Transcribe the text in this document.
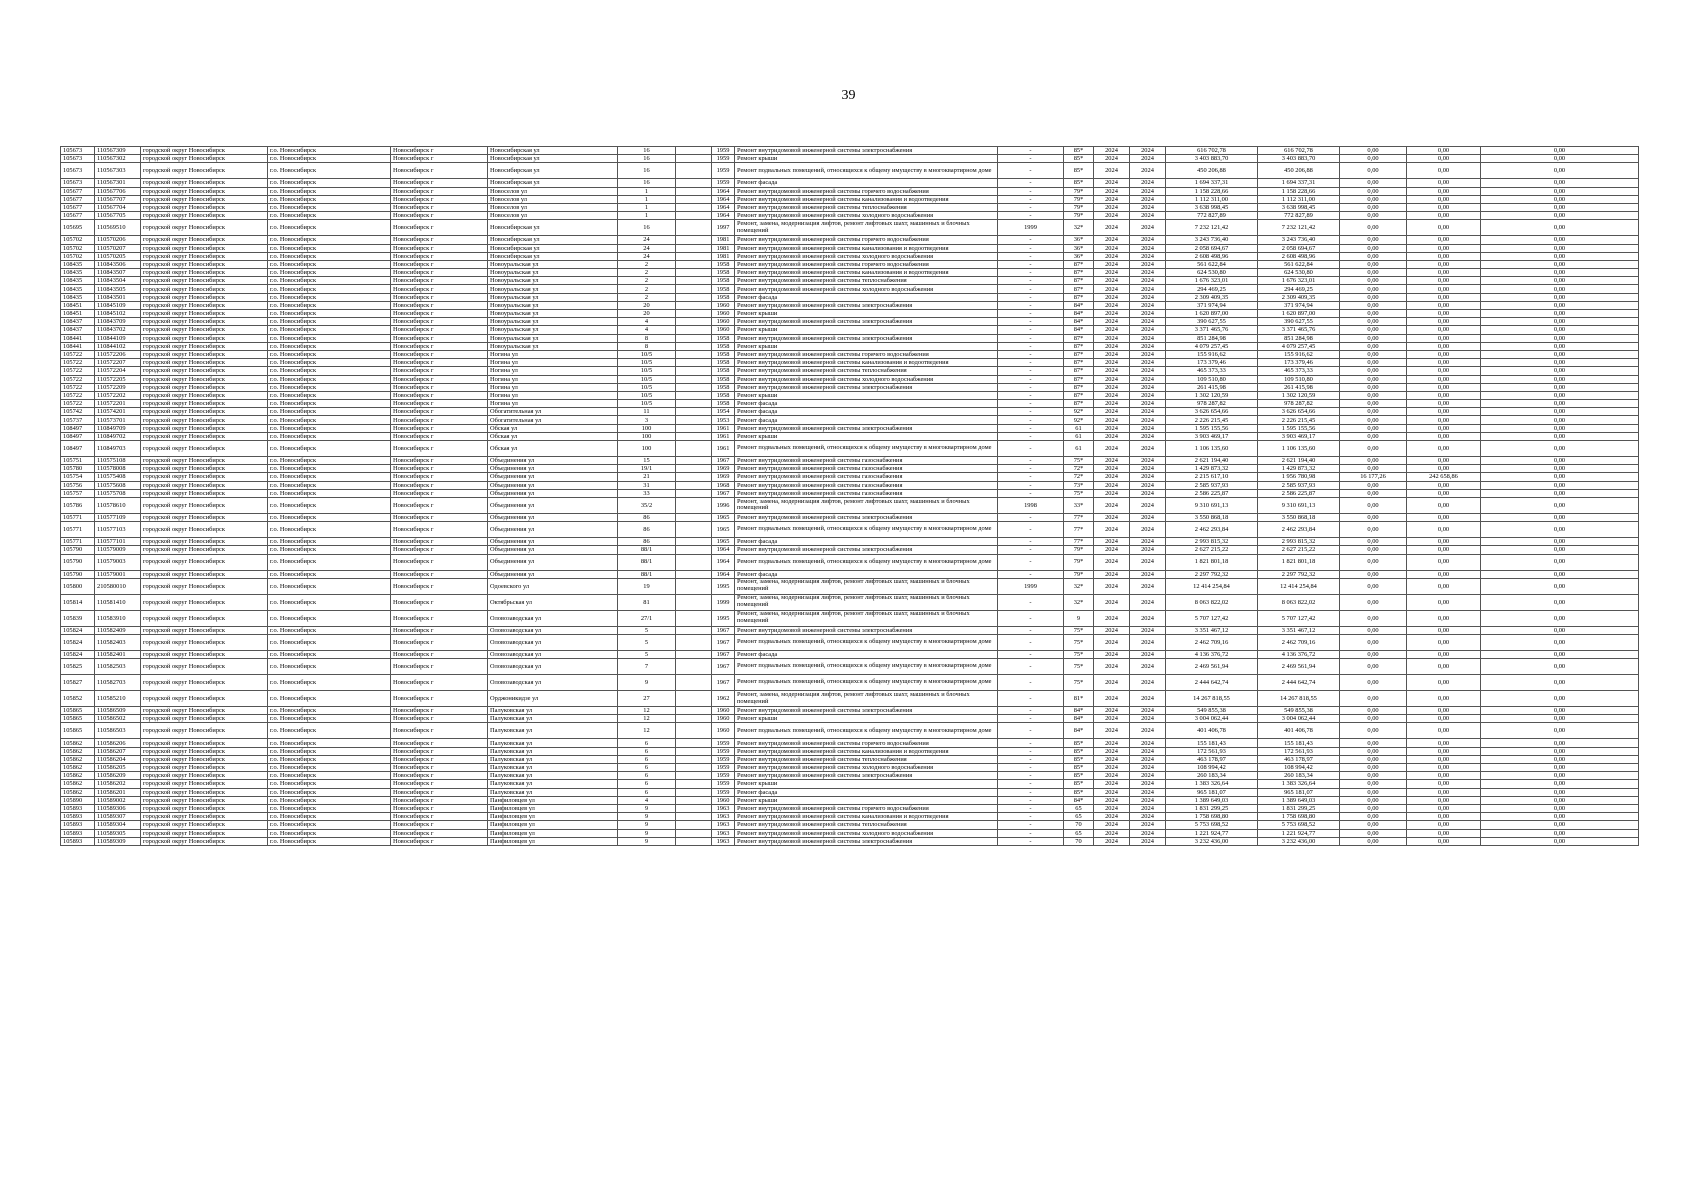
39
105673	110567309	городской округ Новосибирск	г.о. Новосибирск	Новосибирск г	Новосибирская ул	16		1959	Ремонт внутридомовой инженерной системы электроснабжения	-	85*	2024	2024	616 702,78	616 702,78	0,00	0,00	0,00
105673	110567302	городской округ Новосибирск	г.о. Новосибирск	Новосибирск г	Новосибирская ул	16		1959	Ремонт крыши	-	85*	2024	2024	3 403 883,70	3 403 883,70	0,00	0,00	0,00
105673	110567303	городской округ Новосибирск	г.о. Новосибирск	Новосибирск г	Новосибирская ул	16		1959	Ремонт подвальных помещений, относящихся к общему имуществу в многоквартирном доме	-	85*	2024	2024	450 206,88	450 206,88	0,00	0,00	0,00
105673	110567301	городской округ Новосибирск	г.о. Новосибирск	Новосибирск г	Новосибирская ул	16		1959	Ремонт фасада	-	85*	2024	2024	1 694 337,31	1 694 337,31	0,00	0,00	0,00
105677	110567706	городской округ Новосибирск	г.о. Новосибирск	Новосибирск г	Новоселов ул	1		1964	Ремонт внутридомовой инженерной системы горячего водоснабжения	-	79*	2024	2024	1 158 228,66	1 158 228,66	0,00	0,00	0,00
105677	110567707	городской округ Новосибирск	г.о. Новосибирск	Новосибирск г	Новоселов ул	1		1964	Ремонт внутридомовой инженерной системы канализования и водоотведения	-	79*	2024	2024	1 112 311,00	1 112 311,00	0,00	0,00	0,00
105677	110567704	городской округ Новосибирск	г.о. Новосибирск	Новосибирск г	Новоселов ул	1		1964	Ремонт внутридомовой инженерной системы теплоснабжения	-	79*	2024	2024	3 638 998,45	3 638 998,45	0,00	0,00	0,00
105677	110567705	городской округ Новосибирск	г.о. Новосибирск	Новосибирск г	Новоселов ул	1		1964	Ремонт внутридомовой инженерной системы холодного водоснабжения	-	79*	2024	2024	772 827,89	772 827,89	0,00	0,00	0,00
105695	110569510	городской округ Новосибирск	г.о. Новосибирск	Новосибирск г	Новосибирская ул	16		1997	Ремонт, замена, модернизация лифтов, ремонт лифтовых шахт, машинных и блочных помещений	1999	32*	2024	2024	7 232 121,42	7 232 121,42	0,00	0,00	0,00
105702	110570206	городской округ Новосибирск	г.о. Новосибирск	Новосибирск г	Новосибирская ул	24		1981	Ремонт внутридомовой инженерной системы горячего водоснабжения	-	36*	2024	2024	3 243 736,40	3 243 736,40	0,00	0,00	0,00
105702	110570207	городской округ Новосибирск	г.о. Новосибирск	Новосибирск г	Новосибирская ул	24		1981	Ремонт внутридомовой инженерной системы канализования и водоотведения	-	36*	2024	2024	2 058 694,67	2 058 694,67	0,00	0,00	0,00
105702	110570205	городской округ Новосибирск	г.о. Новосибирск	Новосибирск г	Новосибирская ул	24		1981	Ремонт внутридомовой инженерной системы холодного водоснабжения	-	36*	2024	2024	2 608 498,96	2 608 498,96	0,00	0,00	0,00
108435	110843506	городской округ Новосибирск	г.о. Новосибирск	Новосибирск г	Новоуральская ул	2		1958	Ремонт внутридомовой инженерной системы горячего водоснабжения	-	87*	2024	2024	561 622,84	561 622,84	0,00	0,00	0,00
108435	110843507	городской округ Новосибирск	г.о. Новосибирск	Новосибирск г	Новоуральская ул	2		1958	Ремонт внутридомовой инженерной системы канализования и водоотведения	-	87*	2024	2024	624 530,80	624 530,80	0,00	0,00	0,00
108435	110843504	городской округ Новосибирск	г.о. Новосибирск	Новосибирск г	Новоуральская ул	2		1958	Ремонт внутридомовой инженерной системы теплоснабжения	-	87*	2024	2024	1 676 323,01	1 676 323,01	0,00	0,00	0,00
108435	110843505	городской округ Новосибирск	г.о. Новосибирск	Новосибирск г	Новоуральская ул	2		1958	Ремонт внутридомовой инженерной системы холодного водоснабжения	-	87*	2024	2024	294 469,25	294 469,25	0,00	0,00	0,00
108435	110843501	городской округ Новосибирск	г.о. Новосибирск	Новосибирск г	Новоуральская ул	2		1958	Ремонт фасада	-	87*	2024	2024	2 309 409,35	2 309 409,35	0,00	0,00	0,00
108451	110845109	городской округ Новосибирск	г.о. Новосибирск	Новосибирск г	Новоуральская ул	20		1960	Ремонт внутридомовой инженерной системы электроснабжения	-	84*	2024	2024	371 974,94	371 974,94	0,00	0,00	0,00
108451	110845102	городской округ Новосибирск	г.о. Новосибирск	Новосибирск г	Новоуральская ул	20		1960	Ремонт крыши	-	84*	2024	2024	1 620 897,00	1 620 897,00	0,00	0,00	0,00
108437	110843709	городской округ Новосибирск	г.о. Новосибирск	Новосибирск г	Новоуральская ул	4		1960	Ремонт внутридомовой инженерной системы электроснабжения	-	84*	2024	2024	390 627,55	390 627,55	0,00	0,00	0,00
108437	110843702	городской округ Новосибирск	г.о. Новосибирск	Новосибирск г	Новоуральская ул	4		1960	Ремонт крыши	-	84*	2024	2024	3 371 465,76	3 371 465,76	0,00	0,00	0,00
108441	110844109	городской округ Новосибирск	г.о. Новосибирск	Новосибирск г	Новоуральская ул	8		1958	Ремонт внутридомовой инженерной системы электроснабжения	-	87*	2024	2024	851 284,98	851 284,98	0,00	0,00	0,00
108441	110844102	городской округ Новосибирск	г.о. Новосибирск	Новосибирск г	Новоуральская ул	8		1958	Ремонт крыши	-	87*	2024	2024	4 079 257,45	4 079 257,45	0,00	0,00	0,00
105722	110572206	городской округ Новосибирск	г.о. Новосибирск	Новосибирск г	Ногина ул	10/5		1958	Ремонт внутридомовой инженерной системы горячего водоснабжения	-	87*	2024	2024	155 916,62	155 916,62	0,00	0,00	0,00
105722	110572207	городской округ Новосибирск	г.о. Новосибирск	Новосибирск г	Ногина ул	10/5		1958	Ремонт внутридомовой инженерной системы канализования и водоотведения	-	87*	2024	2024	173 379,46	173 379,46	0,00	0,00	0,00
105722	110572204	городской округ Новосибирск	г.о. Новосибирск	Новосибирск г	Ногина ул	10/5		1958	Ремонт внутридомовой инженерной системы теплоснабжения	-	87*	2024	2024	465 373,33	465 373,33	0,00	0,00	0,00
105722	110572205	городской округ Новосибирск	г.о. Новосибирск	Новосибирск г	Ногина ул	10/5		1958	Ремонт внутридомовой инженерной системы холодного водоснабжения	-	87*	2024	2024	109 510,80	109 510,80	0,00	0,00	0,00
105722	110572209	городской округ Новосибирск	г.о. Новосибирск	Новосибирск г	Ногина ул	10/5		1958	Ремонт внутридомовой инженерной системы электроснабжения	-	87*	2024	2024	261 415,98	261 415,98	0,00	0,00	0,00
105722	110572202	городской округ Новосибирск	г.о. Новосибирск	Новосибирск г	Ногина ул	10/5		1958	Ремонт крыши	-	87*	2024	2024	1 302 120,59	1 302 120,59	0,00	0,00	0,00
105722	110572201	городской округ Новосибирск	г.о. Новосибирск	Новосибирск г	Ногина ул	10/5		1958	Ремонт фасада	-	87*	2024	2024	978 287,82	978 287,82	0,00	0,00	0,00
105742	110574201	городской округ Новосибирск	г.о. Новосибирск	Новосибирск г	Обогатительная ул	11		1954	Ремонт фасада	-	92*	2024	2024	3 626 654,66	3 626 654,66	0,00	0,00	0,00
105737	110573701	городской округ Новосибирск	г.о. Новосибирск	Новосибирск г	Обогатительная ул	3		1953	Ремонт фасада	-	92*	2024	2024	2 226 215,45	2 226 215,45	0,00	0,00	0,00
108497	110849709	городской округ Новосибирск	г.о. Новосибирск	Новосибирск г	Обская ул	100		1961	Ремонт внутридомовой инженерной системы электроснабжения	-	61	2024	2024	1 595 155,56	1 595 155,56	0,00	0,00	0,00
108497	110849702	городской округ Новосибирск	г.о. Новосибирск	Новосибирск г	Обская ул	100		1961	Ремонт крыши	-	61	2024	2024	3 903 469,17	3 903 469,17	0,00	0,00	0,00
108497	110849703	городской округ Новосибирск	г.о. Новосибирск	Новосибирск г	Обская ул	100		1961	Ремонт подвальных помещений, относящихся к общему имуществу в многоквартирном доме	-	61	2024	2024	1 106 135,60	1 106 135,60	0,00	0,00	0,00
105751	110575108	городской округ Новосибирск	г.о. Новосибирск	Новосибирск г	Объединения ул	15		1967	Ремонт внутридомовой инженерной системы газоснабжения	-	75*	2024	2024	2 621 194,40	2 621 194,40	0,00	0,00	0,00
105780	110578008	городской округ Новосибирск	г.о. Новосибирск	Новосибирск г	Объединения ул	19/1		1969	Ремонт внутридомовой инженерной системы газоснабжения	-	72*	2024	2024	1 429 873,32	1 429 873,32	0,00	0,00	0,00
105754	110575408	городской округ Новосибирск	г.о. Новосибирск	Новосибирск г	Объединения ул	21		1969	Ремонт внутридомовой инженерной системы газоснабжения	-	72*	2024	2024	2 215 617,10	1 956 780,98	16 177,26	242 658,86	0,00
105756	110575608	городской округ Новосибирск	г.о. Новосибирск	Новосибирск г	Объединения ул	31		1968	Ремонт внутридомовой инженерной системы газоснабжения	-	73*	2024	2024	2 585 937,93	2 585 937,93	0,00	0,00	0,00
105757	110575708	городской округ Новосибирск	г.о. Новосибирск	Новосибирск г	Объединения ул	33		1967	Ремонт внутридомовой инженерной системы газоснабжения	-	75*	2024	2024	2 586 225,87	2 586 225,87	0,00	0,00	0,00
105786	110578610	городской округ Новосибирск	г.о. Новосибирск	Новосибирск г	Объединения ул	35/2		1996	Ремонт, замена, модернизация лифтов, ремонт лифтовых шахт, машинных и блочных помещений	1998	33*	2024	2024	9 310 691,13	9 310 691,13	0,00	0,00	0,00
105771	110577109	городской округ Новосибирск	г.о. Новосибирск	Новосибирск г	Объединения ул	86		1965	Ремонт внутридомовой инженерной системы электроснабжения	-	77*	2024	2024	3 550 868,18	3 550 868,18	0,00	0,00	0,00
105771	110577103	городской округ Новосибирск	г.о. Новосибирск	Новосибирск г	Объединения ул	86		1965	Ремонт подвальных помещений, относящихся к общему имуществу в многоквартирном доме	-	77*	2024	2024	2 462 293,84	2 462 293,84	0,00	0,00	0,00
105771	110577101	городской округ Новосибирск	г.о. Новосибирск	Новосибирск г	Объединения ул	86		1965	Ремонт фасада	-	77*	2024	2024	2 993 815,32	2 993 815,32	0,00	0,00	0,00
105790	110579009	городской округ Новосибирск	г.о. Новосибирск	Новосибирск г	Объединения ул	88/1		1964	Ремонт внутридомовой инженерной системы электроснабжения	-	79*	2024	2024	2 627 215,22	2 627 215,22	0,00	0,00	0,00
105790	110579003	городской округ Новосибирск	г.о. Новосибирск	Новосибирск г	Объединения ул	88/1		1964	Ремонт подвальных помещений, относящихся к общему имуществу в многоквартирном доме	-	79*	2024	2024	1 821 801,18	1 821 801,18	0,00	0,00	0,00
105790	110579001	городской округ Новосибирск	г.о. Новосибирск	Новосибирск г	Объединения ул	88/1		1964	Ремонт фасада	-	79*	2024	2024	2 297 792,32	2 297 792,32	0,00	0,00	0,00
105800	210580010	городской округ Новосибирск	г.о. Новосибирск	Новосибирск г	Одоевского ул	19		1995	Ремонт, замена, модернизация лифтов, ремонт лифтовых шахт, машинных и блочных помещений	1999	32*	2024	2024	12 414 254,84	12 414 254,84	0,00	0,00	0,00
105814	110581410	городской округ Новосибирск	г.о. Новосибирск	Новосибирск г	Октябрьская ул	81		1999	Ремонт, замена, модернизация лифтов, ремонт лифтовых шахт, машинных и блочных помещений	-	32*	2024	2024	8 063 822,02	8 063 822,02	0,00	0,00	0,00
105839	110583910	городской округ Новосибирск	г.о. Новосибирск	Новосибирск г	Оловозаводская ул	27/1		1995	Ремонт, замена, модернизация лифтов, ремонт лифтовых шахт, машинных и блочных помещений	-	9	2024	2024	5 707 127,42	5 707 127,42	0,00	0,00	0,00
105824	110582409	городской округ Новосибирск	г.о. Новосибирск	Новосибирск г	Оловозаводская ул	5		1967	Ремонт внутридомовой инженерной системы электроснабжения	-	75*	2024	2024	3 351 467,12	3 351 467,12	0,00	0,00	0,00
105824	110582403	городской округ Новосибирск	г.о. Новосибирск	Новосибирск г	Оловозаводская ул	5		1967	Ремонт подвальных помещений, относящихся к общему имуществу в многоквартирном доме	-	75*	2024	2024	2 462 709,16	2 462 709,16	0,00	0,00	0,00
105824	110582401	городской округ Новосибирск	г.о. Новосибирск	Новосибирск г	Оловозаводская ул	5		1967	Ремонт фасада	-	75*	2024	2024	4 136 376,72	4 136 376,72	0,00	0,00	0,00
105825	110582503	городской округ Новосибирск	г.о. Новосибирск	Новосибирск г	Оловозаводская ул	7		1967	Ремонт подвальных помещений, относящихся к общему имуществу в многоквартирном доме	-	75*	2024	2024	2 469 561,94	2 469 561,94	0,00	0,00	0,00
105827	110582703	городской округ Новосибирск	г.о. Новосибирск	Новосибирск г	Оловозаводская ул	9		1967	Ремонт подвальных помещений, относящихся к общему имуществу в многоквартирном доме	-	75*	2024	2024	2 444 642,74	2 444 642,74	0,00	0,00	0,00
105852	110585210	городской округ Новосибирск	г.о. Новосибирск	Новосибирск г	Орджоникидзе ул	27		1962	Ремонт, замена, модернизация лифтов, ремонт лифтовых шахт, машинных и блочных помещений	-	81*	2024	2024	14 267 818,55	14 267 818,55	0,00	0,00	0,00
105865	110586509	городской округ Новосибирск	г.о. Новосибирск	Новосибирск г	Палуковская ул	12		1960	Ремонт внутридомовой инженерной системы электроснабжения	-	84*	2024	2024	549 855,38	549 855,38	0,00	0,00	0,00
105865	110586502	городской округ Новосибирск	г.о. Новосибирск	Новосибирск г	Палуковская ул	12		1960	Ремонт крыши	-	84*	2024	2024	3 004 062,44	3 004 062,44	0,00	0,00	0,00
105865	110586503	городской округ Новосибирск	г.о. Новосибирск	Новосибирск г	Палуковская ул	12		1960	Ремонт подвальных помещений, относящихся к общему имуществу в многоквартирном доме	-	84*	2024	2024	401 406,78	401 406,78	0,00	0,00	0,00
105862	110586206	городской округ Новосибирск	г.о. Новосибирск	Новосибирск г	Палуковская ул	6		1959	Ремонт внутридомовой инженерной системы горячего водоснабжения	-	85*	2024	2024	155 181,43	155 181,43	0,00	0,00	0,00
105862	110586207	городской округ Новосибирск	г.о. Новосибирск	Новосибирск г	Палуковская ул	6		1959	Ремонт внутридомовой инженерной системы канализования и водоотведения	-	85*	2024	2024	172 561,93	172 561,93	0,00	0,00	0,00
105862	110586204	городской округ Новосибирск	г.о. Новосибирск	Новосибирск г	Палуковская ул	6		1959	Ремонт внутридомовой инженерной системы теплоснабжения	-	85*	2024	2024	463 178,97	463 178,97	0,00	0,00	0,00
105862	110586205	городской округ Новосибирск	г.о. Новосибирск	Новосибирск г	Палуковская ул	6		1959	Ремонт внутридомовой инженерной системы холодного водоснабжения	-	85*	2024	2024	108 994,42	108 994,42	0,00	0,00	0,00
105862	110586209	городской округ Новосибирск	г.о. Новосибирск	Новосибирск г	Палуковская ул	6		1959	Ремонт внутридомовой инженерной системы электроснабжения	-	85*	2024	2024	260 183,34	260 183,34	0,00	0,00	0,00
105862	110586202	городской округ Новосибирск	г.о. Новосибирск	Новосибирск г	Палуковская ул	6		1959	Ремонт крыши	-	85*	2024	2024	1 383 326,64	1 383 326,64	0,00	0,00	0,00
105862	110586201	городской округ Новосибирск	г.о. Новосибирск	Новосибирск г	Палуковская ул	6		1959	Ремонт фасада	-	85*	2024	2024	965 181,07	965 181,07	0,00	0,00	0,00
105890	110589002	городской округ Новосибирск	г.о. Новосибирск	Новосибирск г	Панфиловцев ул	4		1960	Ремонт крыши	-	84*	2024	2024	1 389 649,03	1 389 649,03	0,00	0,00	0,00
105893	110589306	городской округ Новосибирск	г.о. Новосибирск	Новосибирск г	Панфиловцев ул	9		1963	Ремонт внутридомовой инженерной системы горячего водоснабжения	-	65	2024	2024	1 831 299,25	1 831 299,25	0,00	0,00	0,00
105893	110589307	городской округ Новосибирск	г.о. Новосибирск	Новосибирск г	Панфиловцев ул	9		1963	Ремонт внутридомовой инженерной системы канализования и водоотведения	-	65	2024	2024	1 758 698,80	1 758 698,80	0,00	0,00	0,00
105893	110589304	городской округ Новосибирск	г.о. Новосибирск	Новосибирск г	Панфиловцев ул	9		1963	Ремонт внутридомовой инженерной системы теплоснабжения	-	70	2024	2024	5 753 698,52	5 753 698,52	0,00	0,00	0,00
105893	110589305	городской округ Новосибирск	г.о. Новосибирск	Новосибирск г	Панфиловцев ул	9		1963	Ремонт внутридомовой инженерной системы холодного водоснабжения	-	65	2024	2024	1 221 924,77	1 221 924,77	0,00	0,00	0,00
105893	110589309	городской округ Новосибирск	г.о. Новосибирск	Новосибирск г	Панфиловцев ул	9		1963	Ремонт внутридомовой инженерной системы электроснабжения	-	70	2024	2024	3 232 436,00	3 232 436,00	0,00	0,00	0,00
